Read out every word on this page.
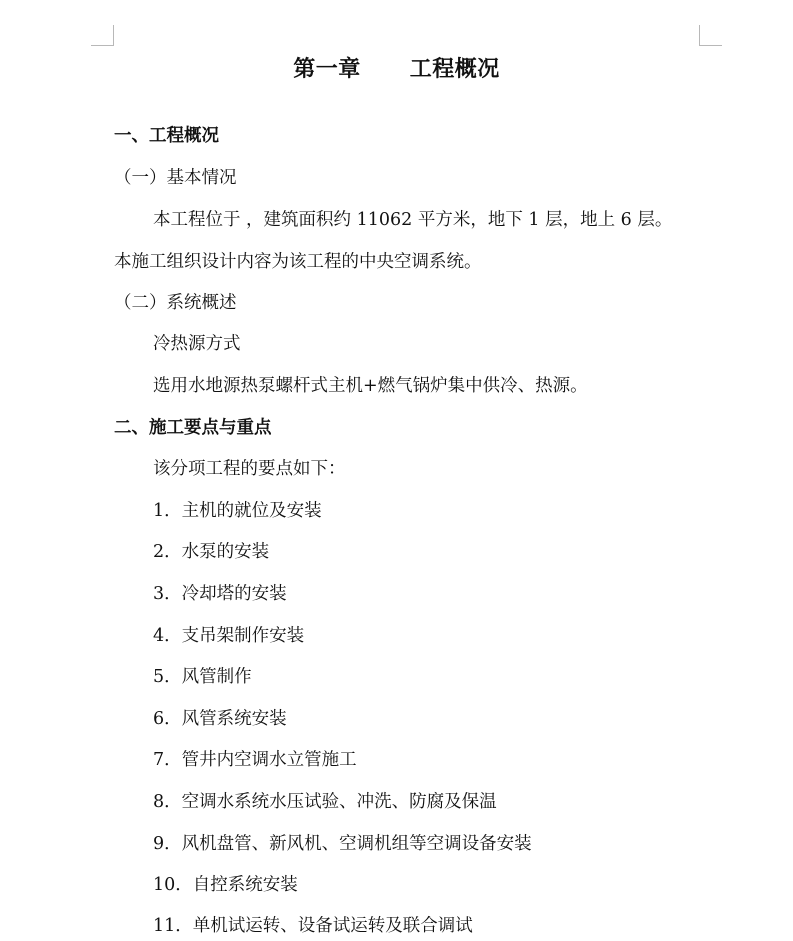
第一章      工程概况
一、工程概况
（一）基本情况
本工程位于 ，建筑面积约 11062 平方米，地下 1 层，地上 6 层。
本施工组织设计内容为该工程的中央空调系统。
（二）系统概述
冷热源方式
选用水地源热泵螺杆式主机+燃气锅炉集中供冷、热源。
二、施工要点与重点
该分项工程的要点如下：
1．主机的就位及安装
2．水泵的安装
3．冷却塔的安装
4．支吊架制作安装
5．风管制作
6．风管系统安装
7．管井内空调水立管施工
8．空调水系统水压试验、冲洗、防腐及保温
9．风机盘管、新风机、空调机组等空调设备安装
10．自控系统安装
11．单机试运转、设备试运转及联合调试
